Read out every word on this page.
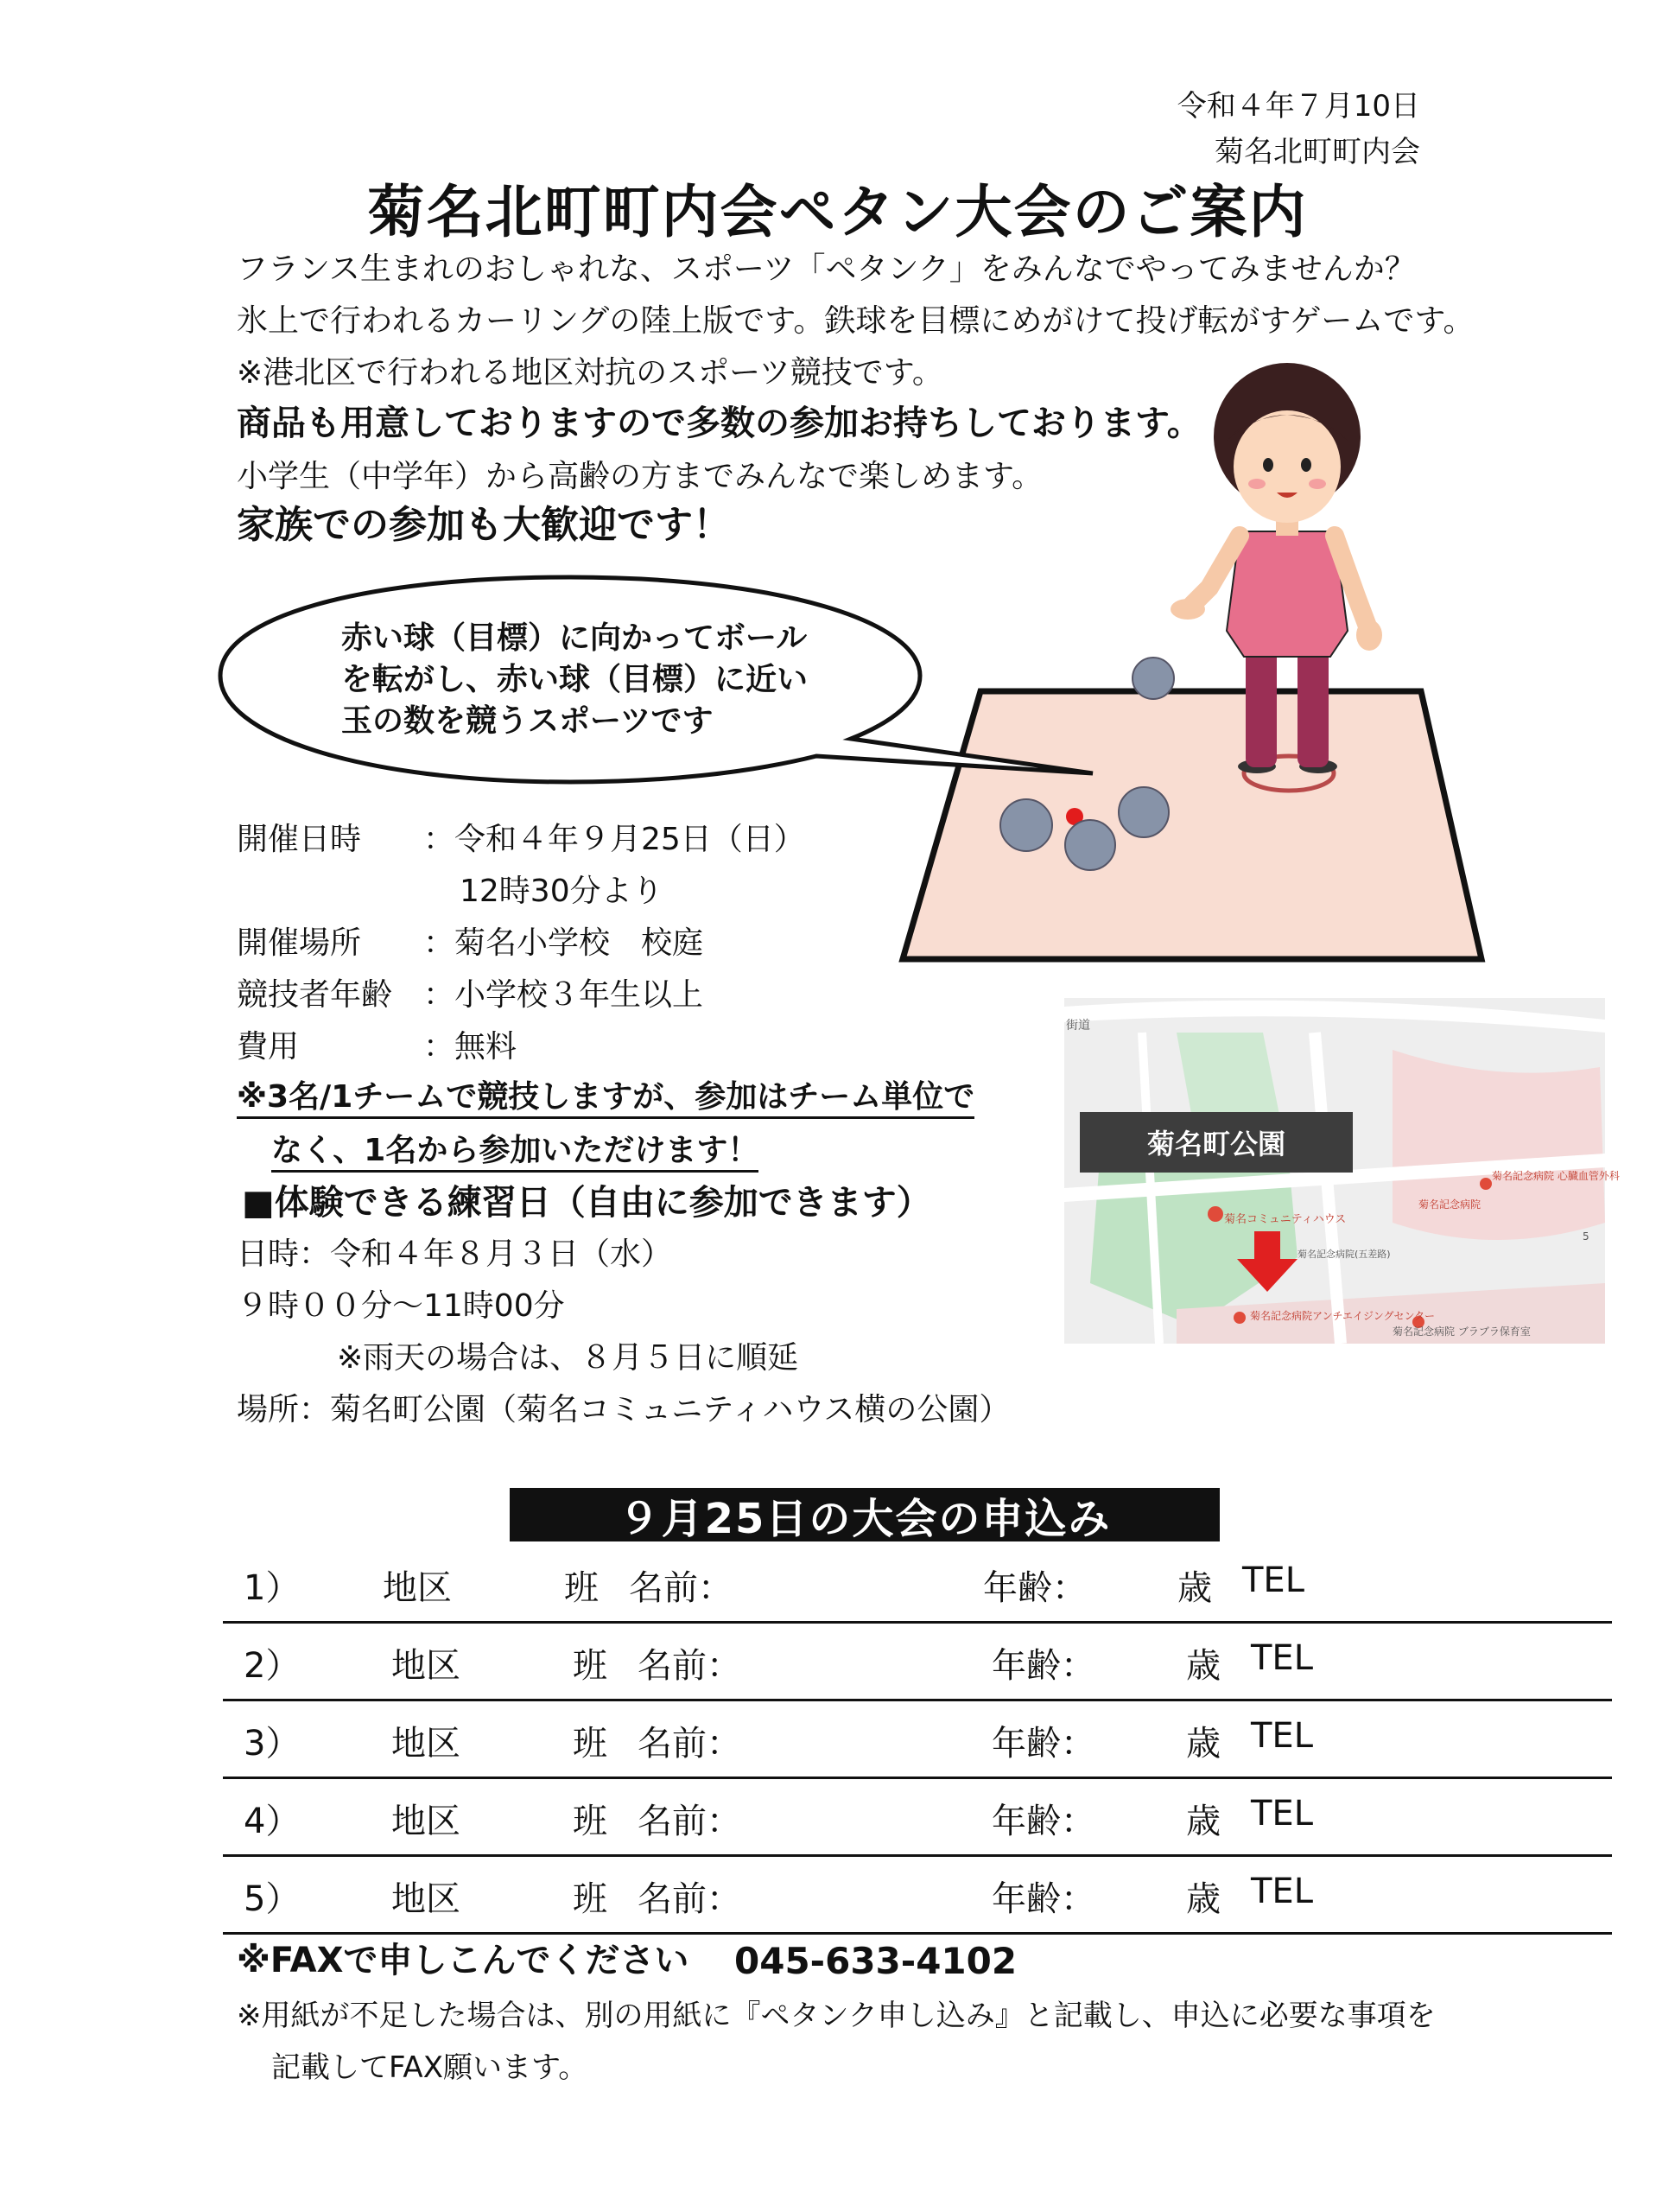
令和４年７月10日
菊名北町町内会
菊名北町町内会ペタン大会のご案内
フランス生まれのおしゃれな、スポーツ「ペタンク」をみんなでやってみませんか？
氷上で行われるカーリングの陸上版です。鉄球を目標にめがけて投げ転がすゲームです。
※港北区で行われる地区対抗のスポーツ競技です。
商品も用意しておりますので多数の参加お持ちしております。
小学生（中学年）から高齢の方までみんなで楽しめます。
家族での参加も大歓迎です！
赤い球（目標）に向かってボールを転がし、赤い球（目標）に近い玉の数を競うスポーツです
開催日時 ：令和４年９月25日（日）
12時30分より
開催場所 ：菊名小学校　校庭
競技者年齢 ：小学校３年生以上
費用	：無料
※3名/1チームで競技しますが、参加はチーム単位で
なく、1名から参加いただけます！
■体験できる練習日（自由に参加できます）
日時：令和４年８月３日（水）
９時００分～11時00分
※雨天の場合は、８月５日に順延
場所：菊名町公園（菊名コミュニティハウス横の公園）
街道
菊名コミュニティハウス
菊名記念病院 心臓血管外科
菊名記念病院
菊名記念病院アンチエイジングセンター
菊名記念病院 ブラブラ保育室
菊名記念病院(五差路)
5
菊名町公園
９月25日の大会の申込み
1） 地区	班 名前：	年齢：	歳 TEL
2）	地区	班 名前：	年齢：	歳 TEL
3）	地区	班 名前：	年齢：	歳 TEL
4）	地区	班 名前：	年齢：	歳 TEL
5）	地区	班 名前：	年齢：	歳 TEL
※FAXで申しこんでください 045-633-4102
※用紙が不足した場合は、別の用紙に『ペタンク申し込み』と記載し、申込に必要な事項を
記載してFAX願います。
